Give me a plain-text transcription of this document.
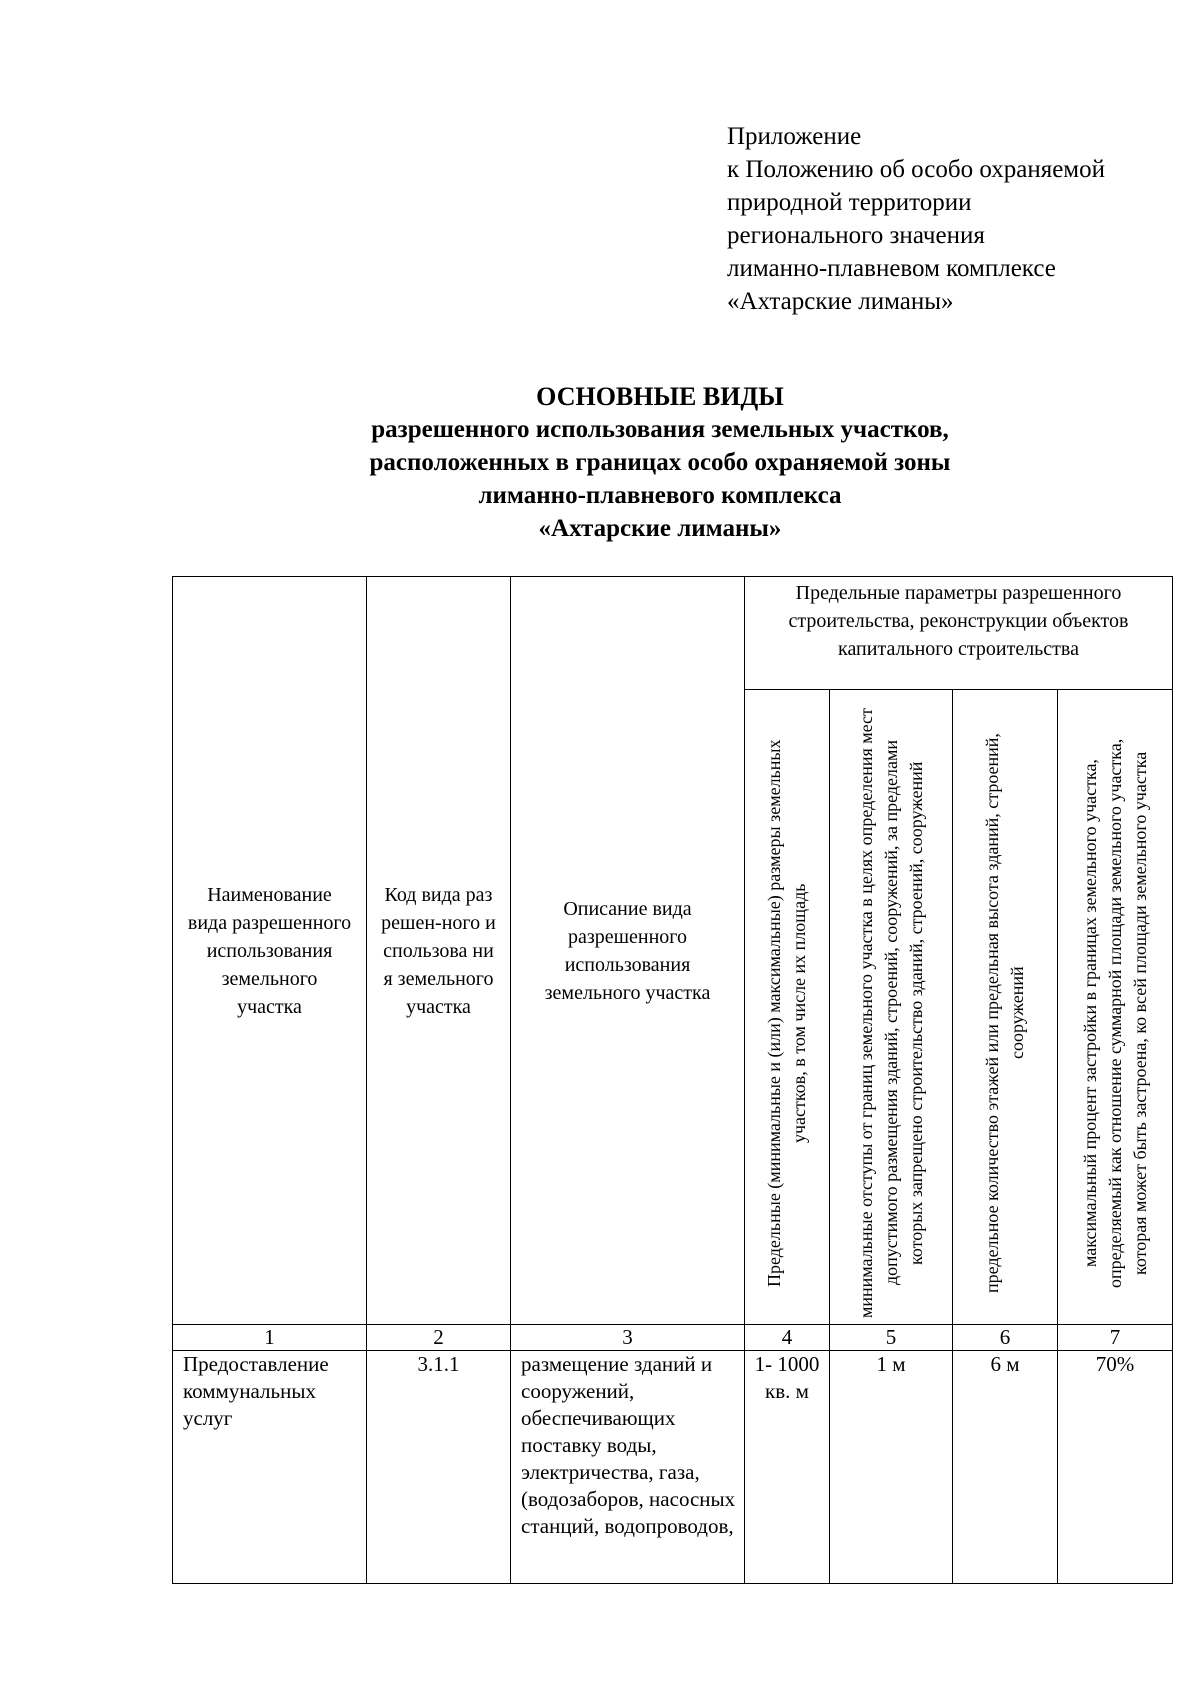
Приложение
к Положению об особо охраняемой
природной территории
регионального значения
лиманно-плавневом комплексе
«Ахтарские лиманы»
ОСНОВНЫЕ ВИДЫ
разрешенного использования земельных участков,
расположенных в границах особо охраняемой зоны
лиманно-плавневого комплекса
«Ахтарские лиманы»
Наименование вида разрешенного использования земельного участка	Код вида разрешен-ного использова ния земельного участка	Описание вида разрешенного использования земельного участка	Предельные параметры разрешенного строительства, реконструкции объектов капитального строительства			

			Предельные (минимальные и (или) максимальные) размеры земельных участков, в том числе их площадь	минимальные отступы от границ земельного участка в целях определения мест допустимого размещения зданий, строений, сооружений, за пределами которых запрещено строительство зданий, строений, сооружений	предельное количество этажей или предельная высота зданий, строений, сооружений	максимальный процент застройки в границах земельного участка, определяемый как отношение суммарной площади земельного участка, которая может быть застроена, ко всей площади земельного участка

1	2	3	4	5	6	7
Предоставление коммунальных услуг	3.1.1	размещение зданий и сооружений, обеспечивающих поставку воды, электричества, газа, (водозаборов, насосных станций, водопроводов,	1- 1000 кв. м	1 м	6 м	70%
